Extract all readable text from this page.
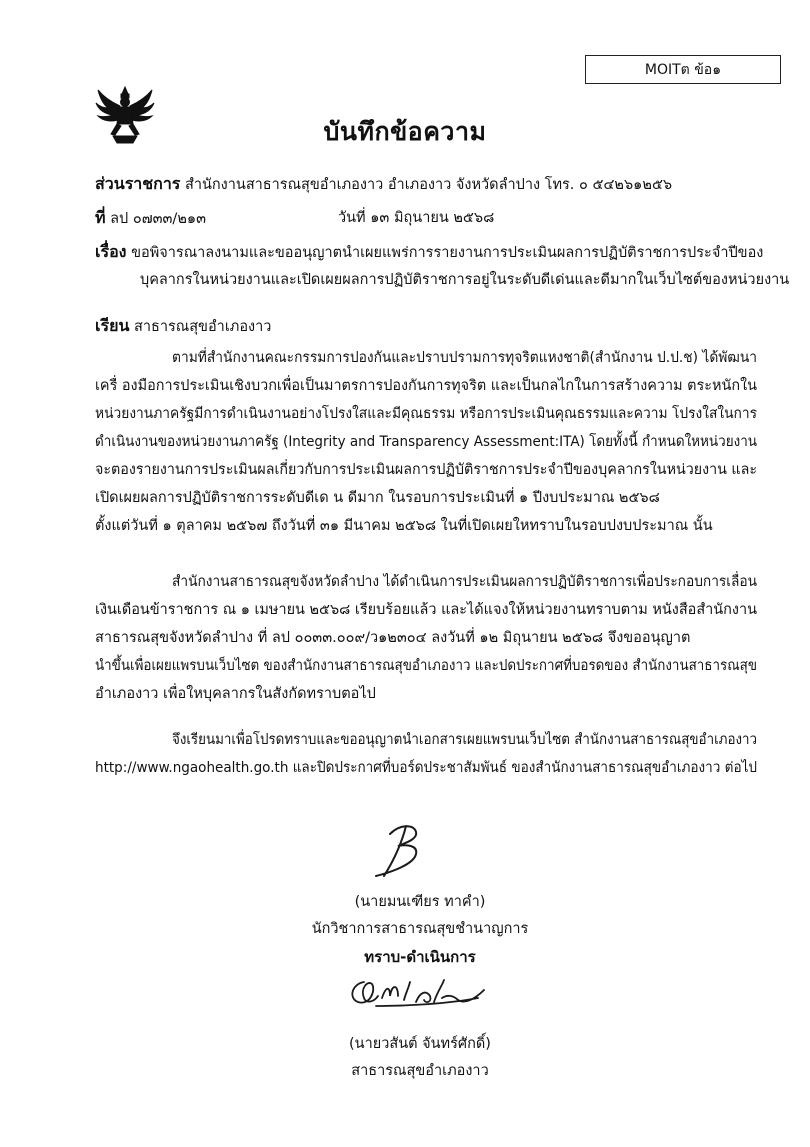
MOITต ข้อ๑
บันทึกข้อความ
ส่วนราชการ สำนักงานสาธารณสุขอำเภองาว อำเภองาว จังหวัดลำปาง โทร. ๐ ๕๔๒๖๑๒๕๖
ที่ ลป ๐๗๓๓/๒๑๓	วันที่ ๑๓ มิถุนายน ๒๕๖๘
เรื่อง ขอพิจารณาลงนามและขออนุญาตนำเผยแพร่การรายงานการประเมินผลการปฏิบัติราชการประจำปีของ
บุคลากรในหน่วยงานและเปิดเผยผลการปฏิบัติราชการอยู่ในระดับดีเด่นและดีมากในเว็บไซต์ของหน่วยงาน
เรียน สาธารณสุขอำเภองาว
ตามที่สำนักงานคณะกรรมการปองกันและปราบปรามการทุจริตแหงชาติ(สำนักงาน ป.ป.ช) ได้พัฒนา
เครื่ องมือการประเมินเชิงบวกเพื่อเป็นมาตรการปองกันการทุจริต และเป็นกลไกในการสร้างความ ตระหนักใน
หน่วยงานภาครัฐมีการดำเนินงานอย่างโปรงใสและมีคุณธรรม หรือการประเมินคุณธรรมและความ โปรงใสในการ
ดำเนินงานของหน่วยงานภาครัฐ (Integrity and Transparency Assessment:ITA) โดยทั้งนี้ กำหนดใหหน่วยงาน
จะตองรายงานการประเมินผลเกี่ยวกับการประเมินผลการปฏิบัติราชการประจำปีของบุคลากรในหน่วยงาน และ
เปิดเผยผลการปฏิบัติราชการระดับดีเด น ดีมาก ในรอบการประเมินที่ ๑ ปีงบประมาณ ๒๕๖๘
ตั้งแต่วันที่ ๑ ตุลาคม ๒๕๖๗ ถึงวันที่ ๓๑ มีนาคม ๒๕๖๘ ในที่เปิดเผยใหทราบในรอบปงบประมาณ นั้น
สำนักงานสาธารณสุขจังหวัดลำปาง ได้ดำเนินการประเมินผลการปฏิบัติราชการเพื่อประกอบการเลื่อน
เงินเดือนข้าราชการ ณ ๑ เมษายน ๒๕๖๘ เรียบร้อยแล้ว และได้แจงให้หน่วยงานทราบตาม หนังสือสำนักงาน
สาธารณสุขจังหวัดลำปาง ที่ ลป ๐๐๓๓.๐๐๙/ว๑๒๓๐๔ ลงวันที่ ๑๒ มิถุนายน ๒๕๖๘ จึงขออนุญาต
นำขึ้นเพื่อเผยแพรบนเว็บไซต ของสำนักงานสาธารณสุขอำเภองาว และปดประกาศที่บอรดของ สำนักงานสาธารณสุข
อำเภองาว เพื่อใหบุคลากรในสังกัดทราบตอไป
จึงเรียนมาเพื่อโปรดทราบและขออนุญาตนำเอกสารเผยแพรบนเว็บไซต สำนักงานสาธารณสุขอำเภองาว
http://www.ngaohealth.go.th และปิดประกาศที่บอร์ดประชาสัมพันธ์ ของสำนักงานสาธารณสุขอำเภองาว ต่อไป
(นายมนเฑียร ทาคำ)
นักวิชาการสาธารณสุขชำนาญการ
ทราบ-ดำเนินการ
(นายวสันต์ จันทร์ศักดิ์)
สาธารณสุขอำเภองาว
